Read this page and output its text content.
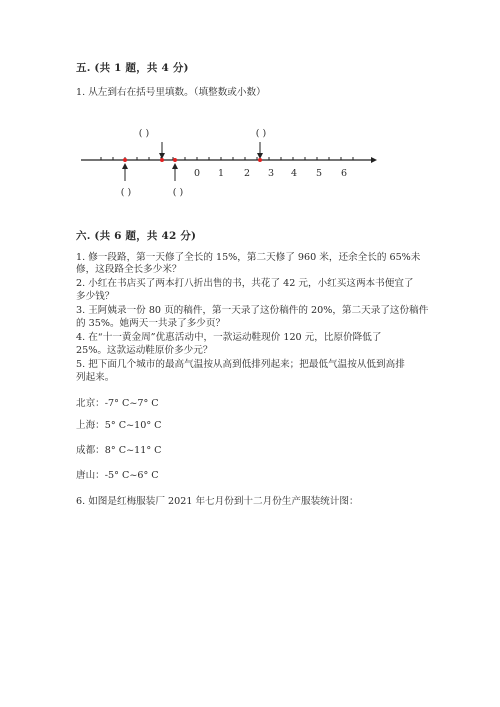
五. (共 1 题，共 4 分)
1. 从左到右在括号里填数。（填整数或小数）
( )	( )
0 1 2 3 4 5 6
( )	( )
六. (共 6 题，共 42 分)
1. 修一段路，第一天修了全长的 15%，第二天修了 960 米，还余全长的 65%未
修，这段路全长多少米？
2. 小红在书店买了两本打八折出售的书，共花了 42 元，小红买这两本书便宜了
多少钱？
3. 王阿姨录一份 80 页的稿件，第一天录了这份稿件的 20%，第二天录了这份稿件
的 35%。她两天一共录了多少页？
4. 在“十一黄金周”优惠活动中，一款运动鞋现价 120 元，比原价降低了
25%。这款运动鞋原价多少元？
5. 把下面几个城市的最高气温按从高到低排列起来；把最低气温按从低到高排
列起来。
北京：-7° C~7° C
上海：5° C~10° C
成都：8° C~11° C
唐山：-5° C~6° C
6. 如图是红梅服装厂 2021 年七月份到十二月份生产服装统计图：
